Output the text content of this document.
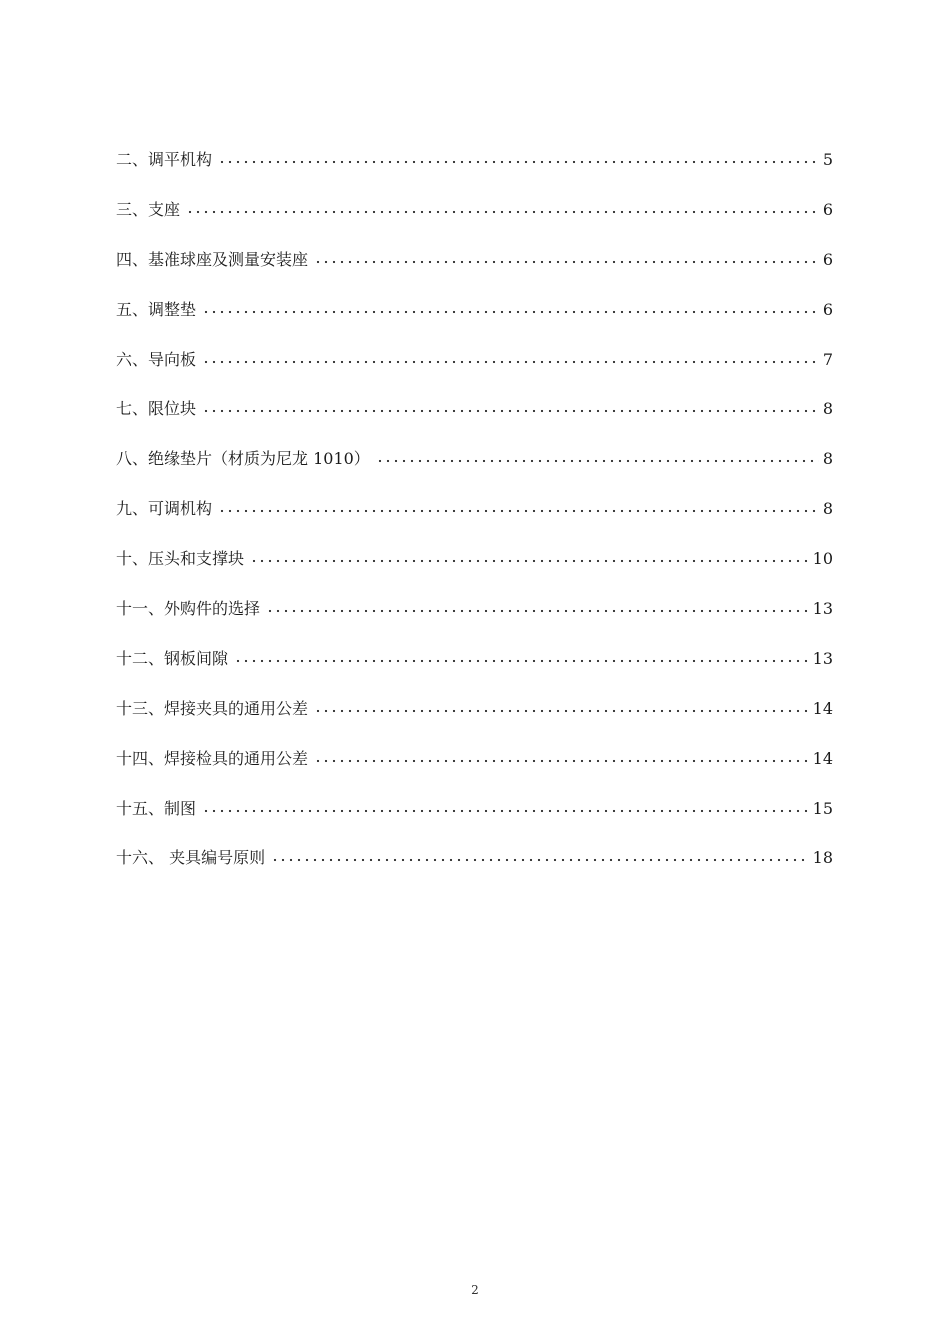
二、调平机构	5
三、支座	6
四、基准球座及测量安装座	6
五、调整垫	6
六、导向板	7
七、限位块	8
八、绝缘垫片（材质为尼龙 1010）	8
九、可调机构	8
十、压头和支撑块	10
十一、外购件的选择	13
十二、钢板间隙	13
十三、焊接夹具的通用公差	14
十四、焊接检具的通用公差	14
十五、制图	15
十六、 夹具编号原则	18
2
